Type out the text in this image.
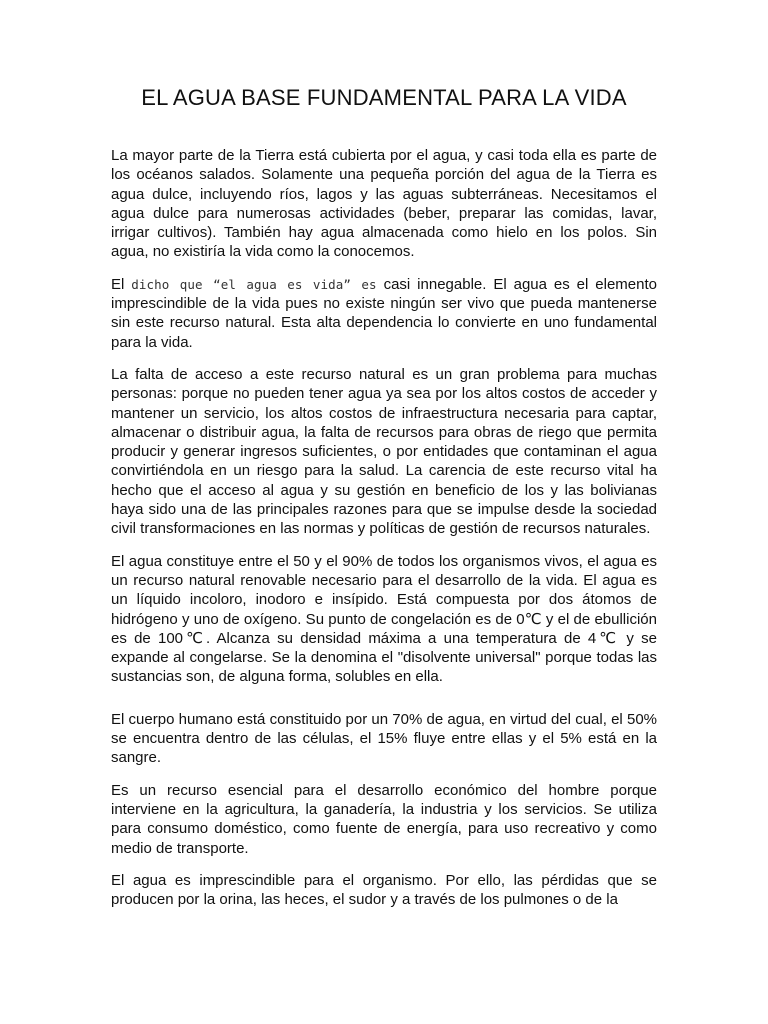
EL AGUA BASE FUNDAMENTAL PARA LA VIDA

La mayor parte de la Tierra está cubierta por el agua, y casi toda ella es parte de los océanos salados. Solamente una pequeña porción del agua de la Tierra es agua dulce, incluyendo ríos, lagos y las aguas subterráneas. Necesitamos el agua dulce para numerosas actividades (beber, preparar las comidas, lavar, irrigar cultivos). También hay agua almacenada como hielo en los polos. Sin agua, no existiría la vida como la conocemos.

El dicho que “el agua es vida” es casi innegable. El agua es el elemento imprescindible de la vida pues no existe ningún ser vivo que pueda mantenerse sin este recurso natural. Esta alta dependencia lo convierte en uno fundamental para la vida.

La falta de acceso a este recurso natural es un gran problema para muchas personas: porque no pueden tener agua ya sea por los altos costos de acceder y mantener un servicio, los altos costos de infraestructura necesaria para captar, almacenar o distribuir agua, la falta de recursos para obras de riego que permita producir y generar ingresos suficientes, o por entidades que contaminan el agua convirtiéndola en un riesgo para la salud. La carencia de este recurso vital ha hecho que el acceso al agua y su gestión en beneficio de los y las bolivianas haya sido una de las principales razones para que se impulse desde la sociedad civil transformaciones en las normas y políticas de gestión de recursos naturales.

El agua constituye entre el 50 y el 90% de todos los organismos vivos, el agua es un recurso natural renovable necesario para el desarrollo de la vida. El agua es un líquido incoloro, inodoro e insípido. Está compuesta por dos átomos de hidrógeno y uno de oxígeno. Su punto de congelación es de 0℃ y el de ebullición es de 100℃. Alcanza su densidad máxima a una temperatura de 4℃ y se expande al congelarse. Se la denomina el "disolvente universal" porque todas las sustancias son, de alguna forma, solubles en ella.

El cuerpo humano está constituido por un 70% de agua, en virtud del cual, el 50% se encuentra dentro de las células, el 15% fluye entre ellas y el 5% está en la sangre.

Es un recurso esencial para el desarrollo económico del hombre porque interviene en la agricultura, la ganadería, la industria y los servicios. Se utiliza para consumo doméstico, como fuente de energía, para uso recreativo y como medio de transporte.

El agua es imprescindible para el organismo. Por ello, las pérdidas que se producen por la orina, las heces, el sudor y a través de los pulmones o de la
